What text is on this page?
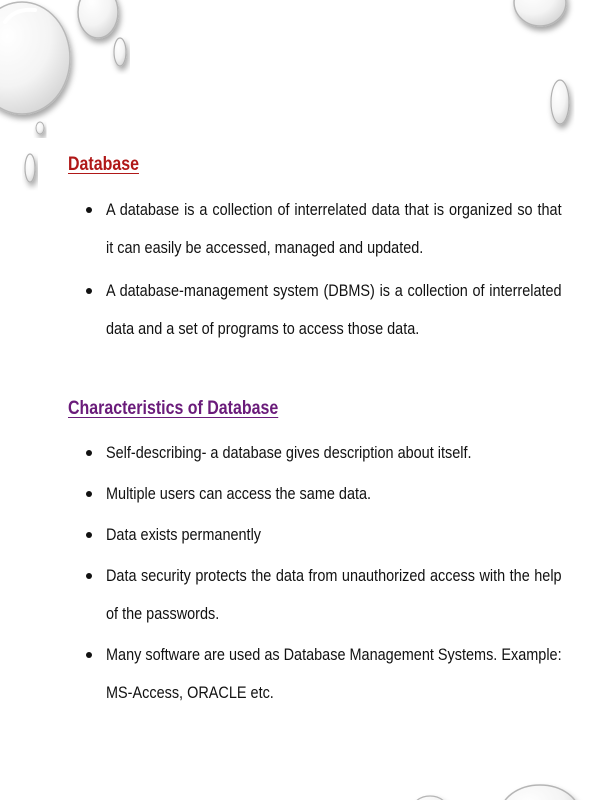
Database
A database is a collection of interrelated data that is organized so that it can easily be accessed, managed and updated.
A database-management system (DBMS) is a collection of interrelated data and a set of programs to access those data.
Characteristics of Database
Self-describing- a database gives description about itself.
Multiple users can access the same data.
Data exists permanently
Data security protects the data from unauthorized access with the help of the passwords.
Many software are used as Database Management Systems. Example: MS-Access, ORACLE etc.
